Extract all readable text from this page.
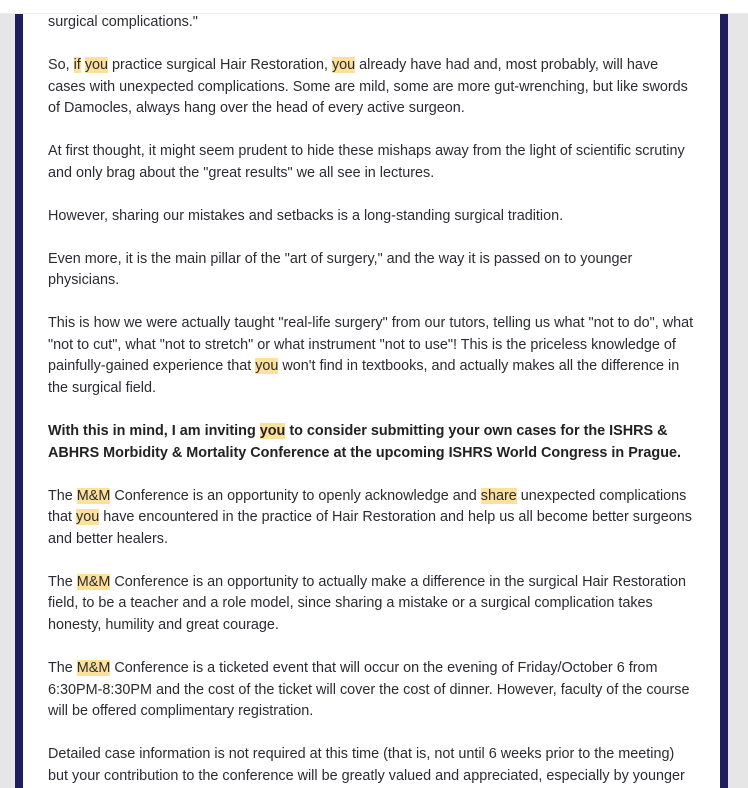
surgical complications."

So, if you practice surgical Hair Restoration, you already have had and, most probably, will have cases with unexpected complications. Some are mild, some are more gut-wrenching, but like swords of Damocles, always hang over the head of every active surgeon.

At first thought, it might seem prudent to hide these mishaps away from the light of scientific scrutiny and only brag about the "great results" we all see in lectures.

However, sharing our mistakes and setbacks is a long-standing surgical tradition.

Even more, it is the main pillar of the "art of surgery," and the way it is passed on to younger physicians.

This is how we were actually taught "real-life surgery" from our tutors, telling us what "not to do", what "not to cut", what "not to stretch" or what instrument "not to use"! This is the priceless knowledge of painfully-gained experience that you won't find in textbooks, and actually makes all the difference in the surgical field.

With this in mind, I am inviting you to consider submitting your own cases for the ISHRS & ABHRS Morbidity & Mortality Conference at the upcoming ISHRS World Congress in Prague.

The M&M Conference is an opportunity to openly acknowledge and share unexpected complications that you have encountered in the practice of Hair Restoration and help us all become better surgeons and better healers.

The M&M Conference is an opportunity to actually make a difference in the surgical Hair Restoration field, to be a teacher and a role model, since sharing a mistake or a surgical complication takes honesty, humility and great courage.

The M&M Conference is a ticketed event that will occur on the evening of Friday/October 6 from 6:30PM-8:30PM and the cost of the ticket will cover the cost of dinner. However, faculty of the course will be offered complimentary registration.

Detailed case information is not required at this time (that is, not until 6 weeks prior to the meeting) but your contribution to the conference will be greatly valued and appreciated, especially by younger
